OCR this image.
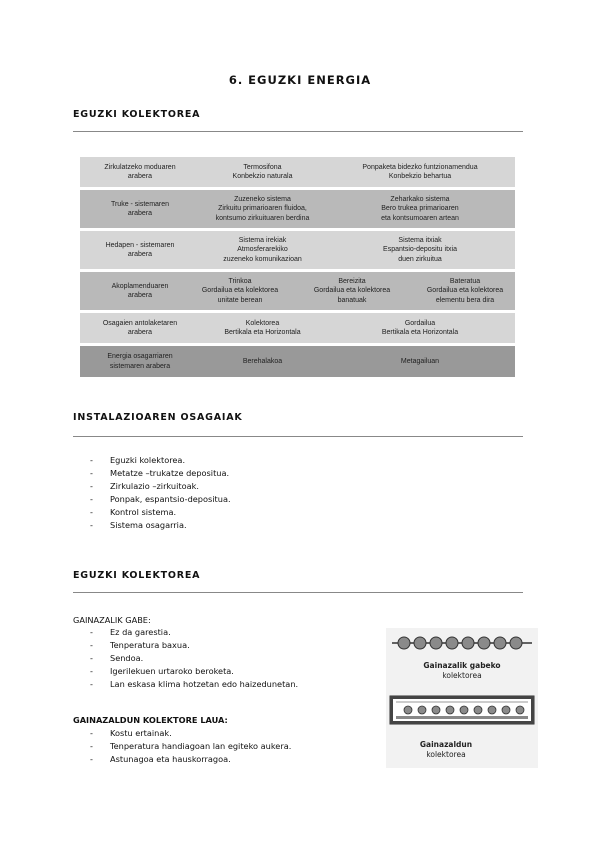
6. EGUZKI ENERGIA
EGUZKI KOLEKTOREA
Zirkulatzeko moduaren
arabera
Termosifona
Konbekzio naturala
Ponpaketa bidezko funtzionamendua
Konbekzio behartua
Truke - sistemaren
arabera
Zuzeneko sistema
Zirkuitu primarioaren fluidoa,
kontsumo zirkuituaren berdina
Zeharkako sistema
Bero trukea primarioaren
eta kontsumoaren artean
Hedapen - sistemaren
arabera
Sistema irekiak
Atmosferarekiko
zuzeneko komunikazioan
Sistema itxiak
Espantsio-depositu itxia
duen zirkuitua
Akoplamenduaren
arabera
Trinkoa
Gordailua eta kolektorea
unitate berean
Bereizita
Gordailua eta kolektorea
banatuak
Bateratua
Gordailua eta kolektorea
elementu bera dira
Osagaien antolaketaren
arabera
Kolektorea
Bertikala eta Horizontala
Gordailua
Bertikala eta Horizontala
Energia osagarriaren
sistemaren arabera
Berehalakoa	Metagailuan
INSTALAZIOAREN OSAGAIAK
- Eguzki kolektorea.
- Metatze –trukatze depositua.
- Zirkulazio –zirkuitoak.
- Ponpak, espantsio-depositua.
- Kontrol sistema.
- Sistema osagarria.
EGUZKI KOLEKTOREA
GAINAZALIK GABE:
- Ez da garestia.
- Tenperatura baxua.
- Sendoa.
- Igerilekuen urtaroko beroketa.
- Lan eskasa klima hotzetan edo haizedunetan.
GAINAZALDUN KOLEKTORE LAUA:
- Kostu ertainak.
- Tenperatura handiagoan lan egiteko aukera.
- Astunagoa eta hauskorragoa.
Gainazalik gabeko
kolektorea
Gainazaldun
kolektorea
